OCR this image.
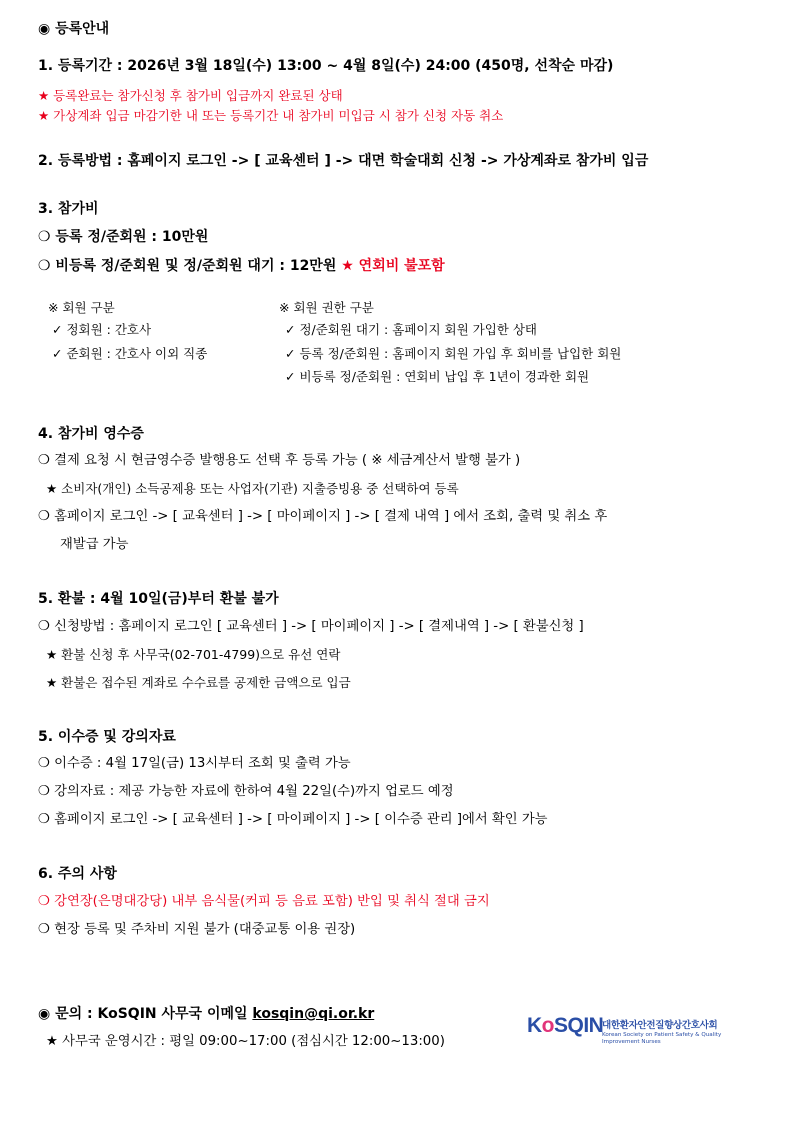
◉ 등록안내
1. 등록기간 : 2026년 3월 18일(수) 13:00 ~ 4월 8일(수) 24:00 (450명, 선착순 마감)
★ 등록완료는 참가신청 후 참가비 입금까지 완료된 상태
★ 가상계좌 입금 마감기한 내 또는 등록기간 내 참가비 미입금 시 참가 신청 자동 취소
2. 등록방법 : 홈페이지 로그인 -> [ 교육센터 ] -> 대면 학술대회 신청 -> 가상계좌로 참가비 입금
3. 참가비
❍ 등록 정/준회원 : 10만원
❍ 비등록 정/준회원 및 정/준회원 대기 : 12만원 ★ 연회비 불포함
※ 회원 구분
✓ 정회원 : 간호사
✓ 준회원 : 간호사 이외 직종
※ 회원 권한 구분
✓ 정/준회원 대기 : 홈페이지 회원 가입한 상태
✓ 등록 정/준회원 : 홈페이지 회원 가입 후 회비를 납입한 회원
✓ 비등록 정/준회원 : 연회비 납입 후 1년이 경과한 회원
4. 참가비 영수증
❍ 결제 요청 시 현금영수증 발행용도 선택 후 등록 가능 ( ※ 세금계산서 발행 불가 )
★ 소비자(개인) 소득공제용 또는 사업자(기관) 지출증빙용 중 선택하여 등록
❍ 홈페이지 로그인 -> [ 교육센터 ] -> [ 마이페이지 ] -> [ 결제 내역 ] 에서 조회, 출력 및 취소 후
재발급 가능
5. 환불 : 4월 10일(금)부터 환불 불가
❍ 신청방법 : 홈페이지 로그인 [ 교육센터 ] -> [ 마이페이지 ] -> [ 결제내역 ] -> [ 환불신청 ]
★ 환불 신청 후 사무국(02-701-4799)으로 유선 연락
★ 환불은 접수된 계좌로 수수료를 공제한 금액으로 입금
5. 이수증 및 강의자료
❍ 이수증 : 4월 17일(금) 13시부터 조회 및 출력 가능
❍ 강의자료 : 제공 가능한 자료에 한하여 4월 22일(수)까지 업로드 예정
❍ 홈페이지 로그인 -> [ 교육센터 ] -> [ 마이페이지 ] -> [ 이수증 관리 ]에서 확인 가능
6. 주의 사항
❍ 강연장(은명대강당) 내부 음식물(커피 등 음료 포함) 반입 및 취식 절대 금지
❍ 현장 등록 및 주차비 지원 불가 (대중교통 이용 권장)
◉ 문의 : KoSQIN 사무국 이메일 kosqin@qi.or.kr
★ 사무국 운영시간 : 평일 09:00~17:00 (점심시간 12:00~13:00)
KoSQIN
대한환자안전질향상간호사회
Korean Society on Patient Safety & Quality
Improvement Nurses
